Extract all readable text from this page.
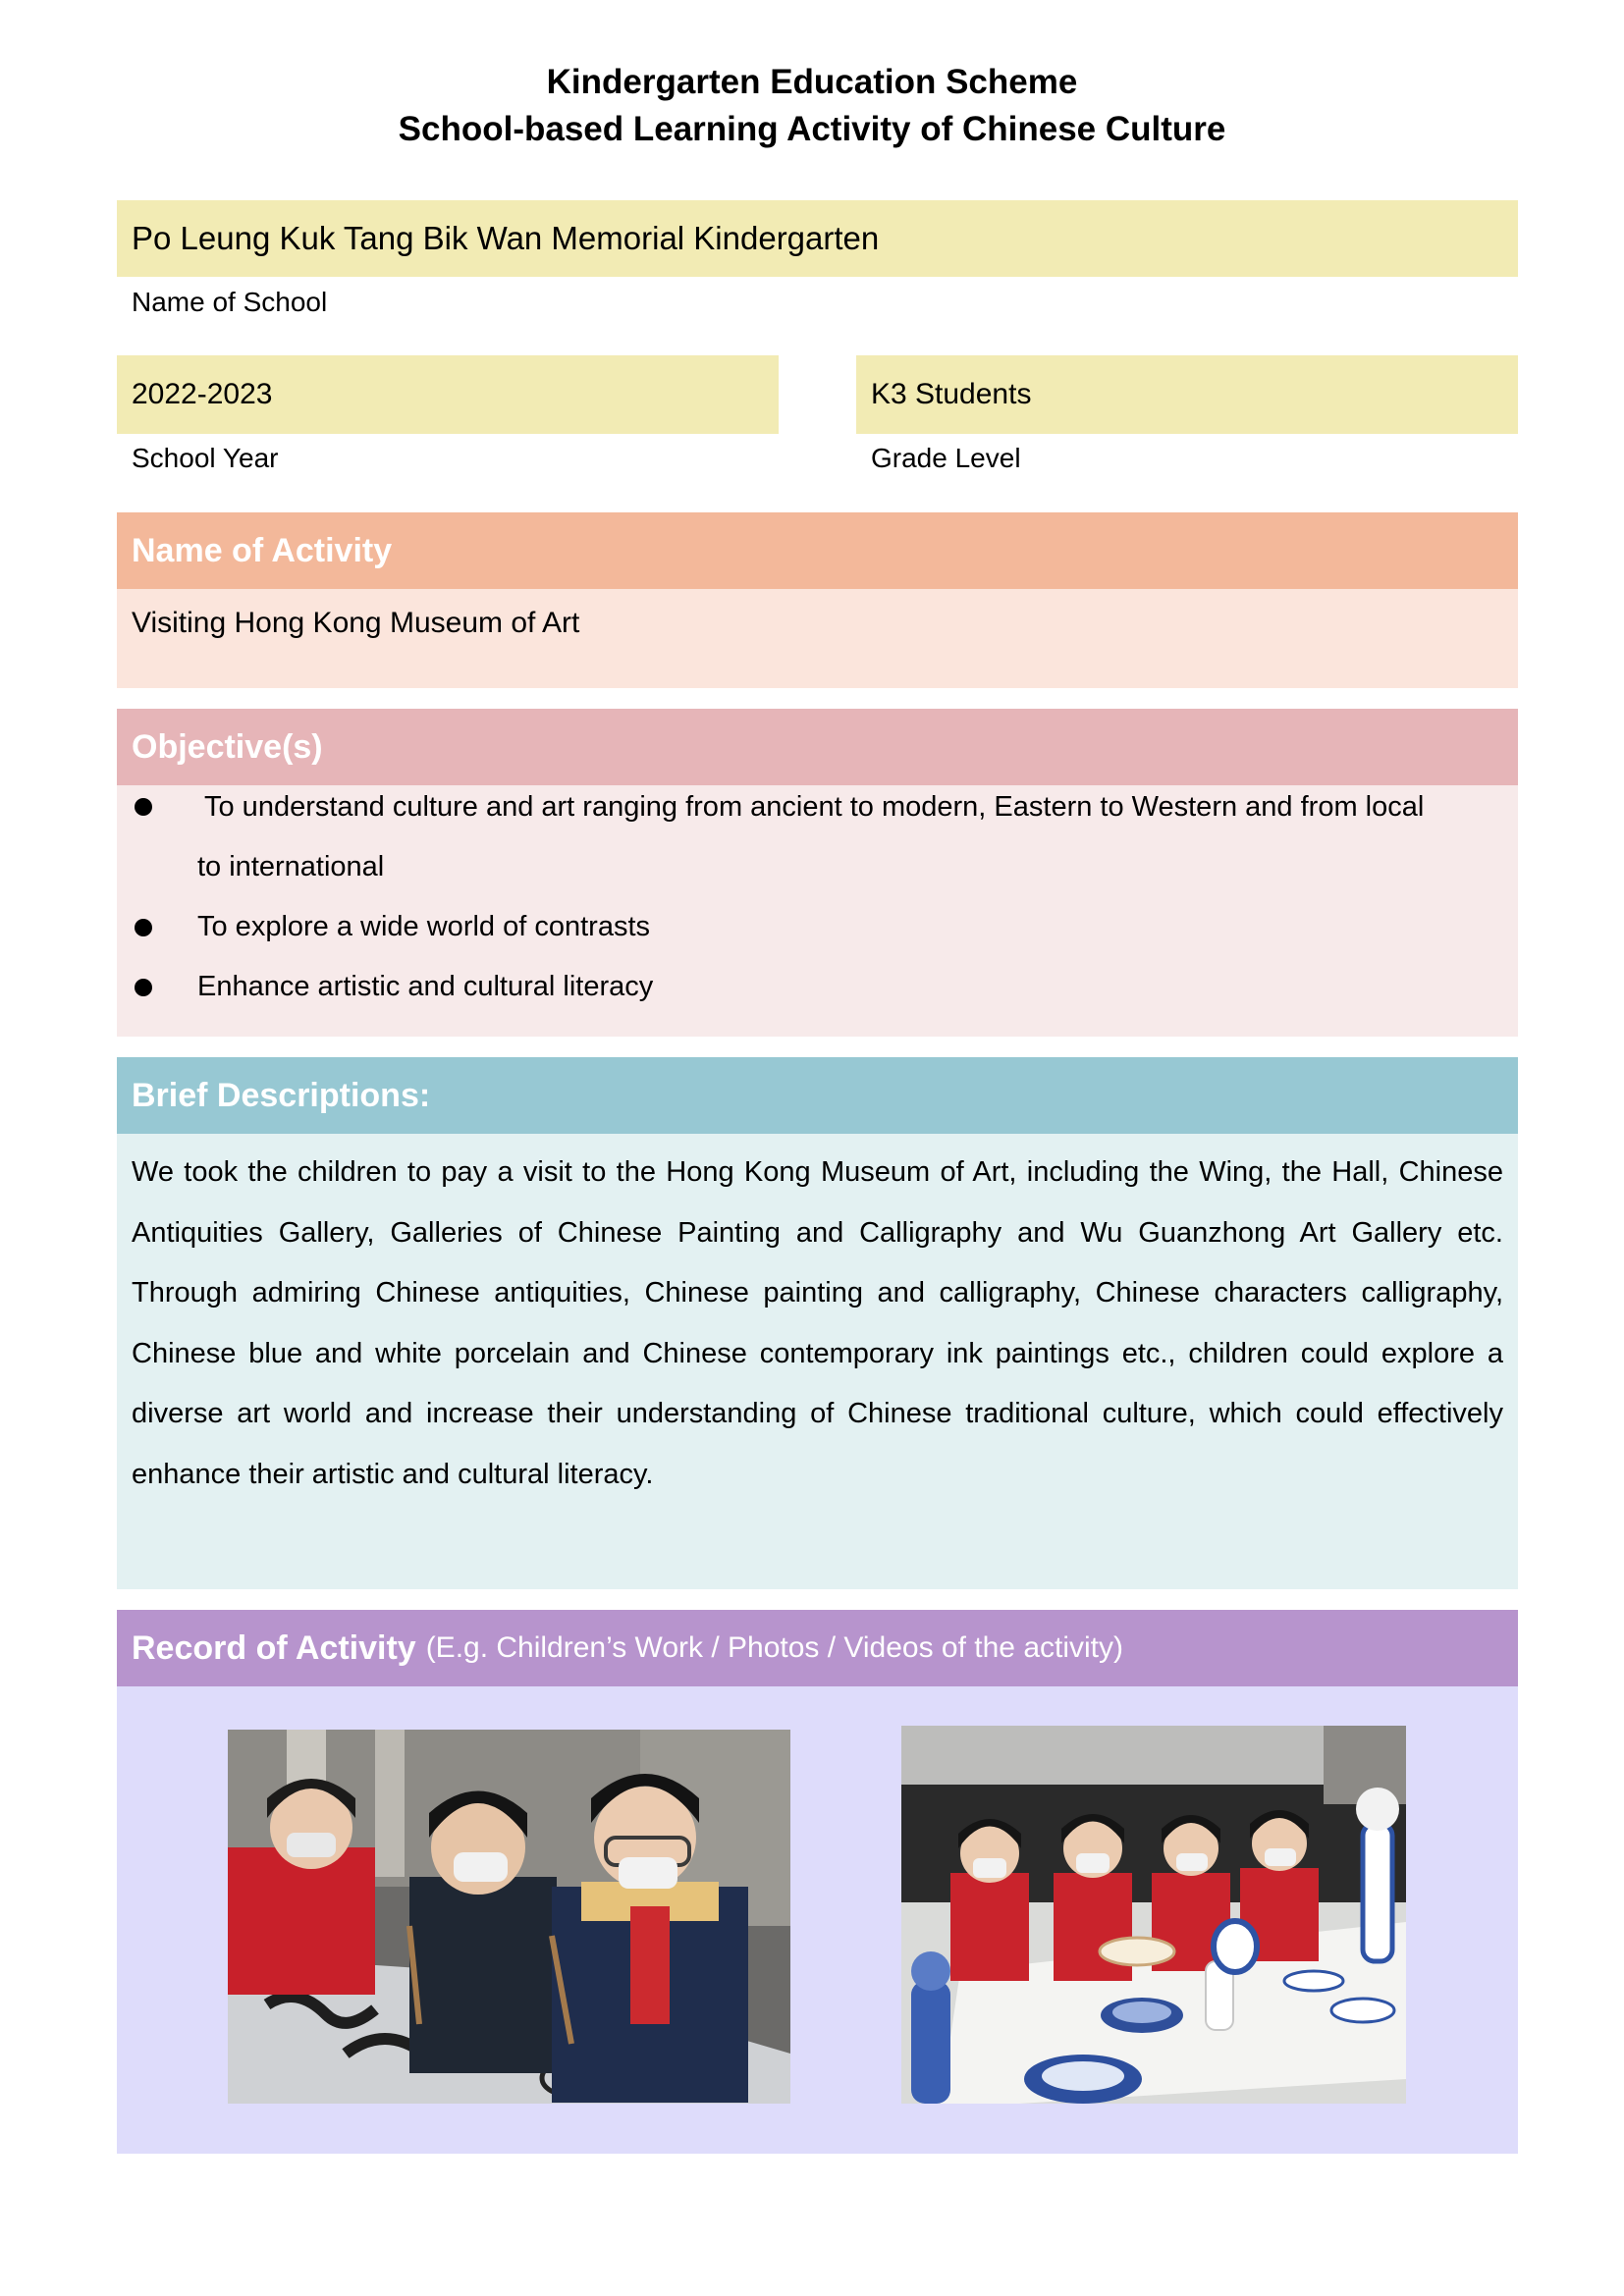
Kindergarten Education Scheme
School-based Learning Activity of Chinese Culture
Po Leung Kuk Tang Bik Wan Memorial Kindergarten
Name of School
2022-2023
School Year
K3 Students
Grade Level
Name of Activity
Visiting Hong Kong Museum of Art
Objective(s)
To understand culture and art ranging from ancient to modern, Eastern to Western and from local
to international
To explore a wide world of contrasts
Enhance artistic and cultural literacy
Brief Descriptions:
We took the children to pay a visit to the Hong Kong Museum of Art, including the Wing, the Hall, Chinese Antiquities Gallery, Galleries of Chinese Painting and Calligraphy and Wu Guanzhong Art Gallery etc. Through admiring Chinese antiquities, Chinese painting and calligraphy, Chinese characters calligraphy, Chinese blue and white porcelain and Chinese contemporary ink paintings etc., children could explore a diverse art world and increase their understanding of Chinese traditional culture, which could effectively enhance their artistic and cultural literacy.
Record of Activity (E.g. Children’s Work / Photos / Videos of the activity)
